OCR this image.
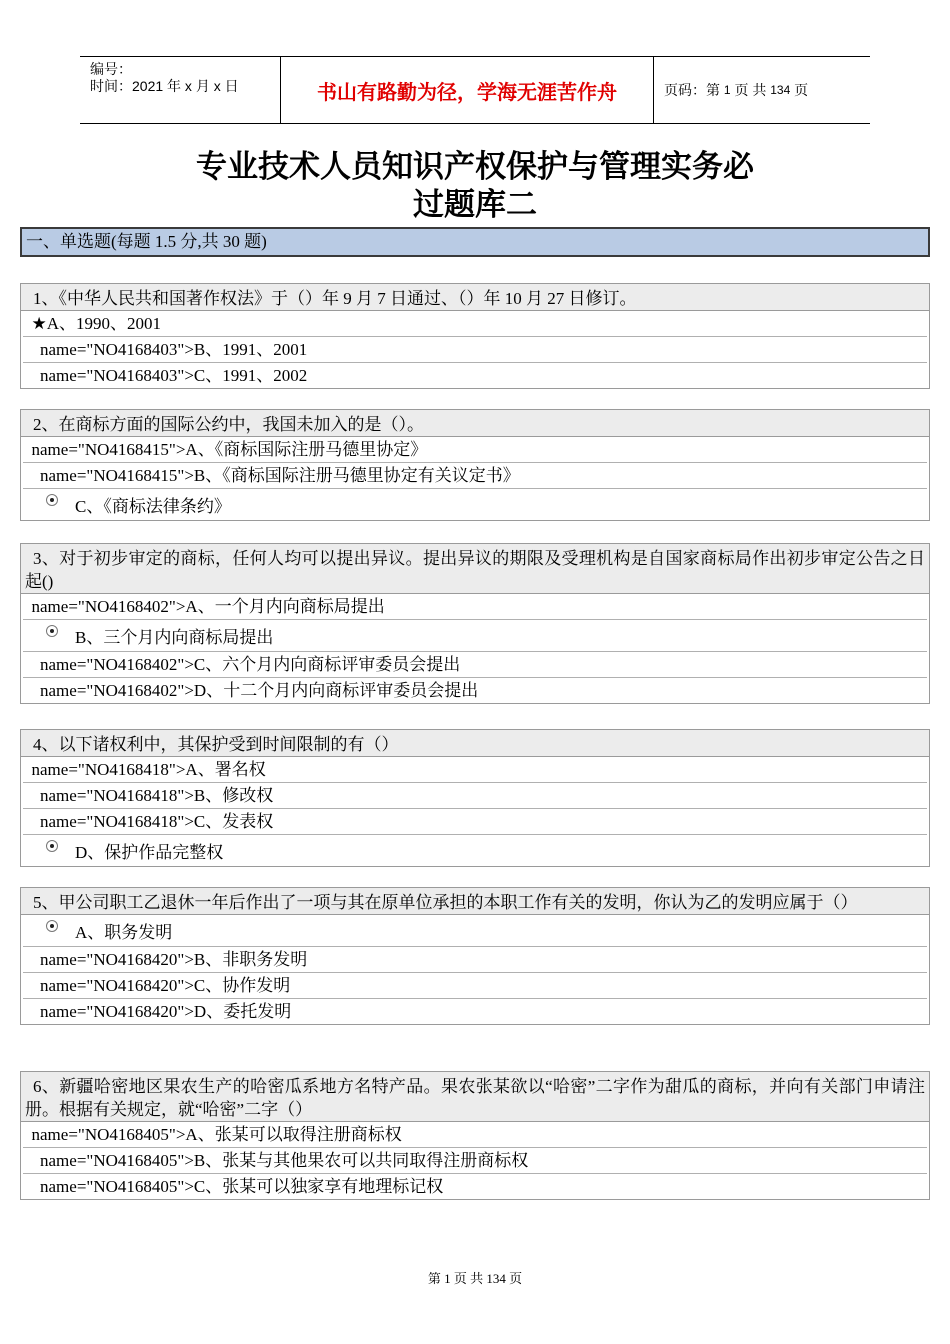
编号：
时间：2021 年 x 月 x 日	书山有路勤为径，学海无涯苦作舟	页码：第
1
页 共
134
页
专业技术人员知识产权保护与管理实务必
过题库二
一、单选题(每题 1.5 分,共 30 题)
1、《中华人民共和国著作权法》于（）年 9 月 7 日通过、（）年 10 月 27 日修订。
★A、1990、2001
name="NO4168403">B、1991、2001
name="NO4168403">C、1991、2002
2、在商标方面的国际公约中，我国未加入的是（）。
name="NO4168415">A、《商标国际注册马德里协定》
name="NO4168415">B、《商标国际注册马德里协定有关议定书》
C、《商标法律条约》
3、对于初步审定的商标，任何人均可以提出异议。提出异议的期限及受理机构是自国家商标局作出初步审定公告之日起()
name="NO4168402">A、一个月内向商标局提出
B、三个月内向商标局提出
name="NO4168402">C、六个月内向商标评审委员会提出
name="NO4168402">D、十二个月内向商标评审委员会提出
4、以下诸权利中，其保护受到时间限制的有（）
name="NO4168418">A、署名权
name="NO4168418">B、修改权
name="NO4168418">C、发表权
D、保护作品完整权
5、甲公司职工乙退休一年后作出了一项与其在原单位承担的本职工作有关的发明，你认为乙的发明应属于（）
A、职务发明
name="NO4168420">B、非职务发明
name="NO4168420">C、协作发明
name="NO4168420">D、委托发明
6、新疆哈密地区果农生产的哈密瓜系地方名特产品。果农张某欲以“哈密”二字作为甜瓜的商标，并向有关部门申请注册。根据有关规定，就“哈密”二字（）
name="NO4168405">A、张某可以取得注册商标权
name="NO4168405">B、张某与其他果农可以共同取得注册商标权
name="NO4168405">C、张某可以独家享有地理标记权
第 1 页 共 134 页
